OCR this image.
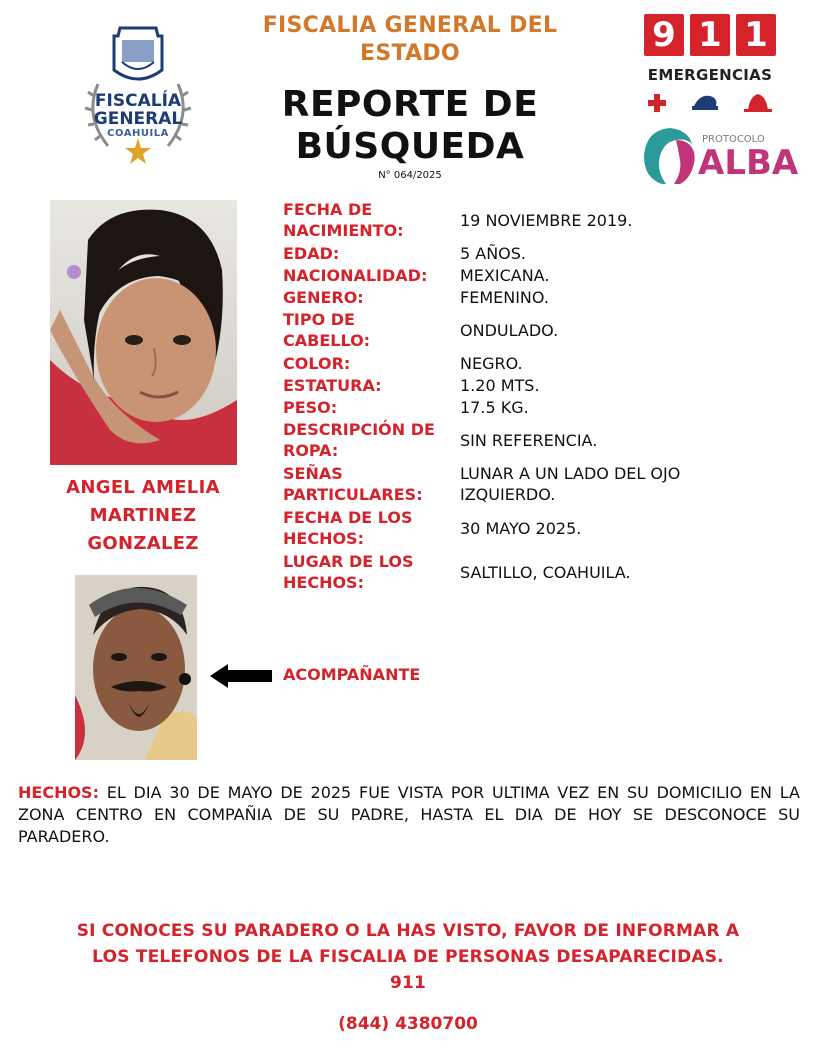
FISCALIA GENERAL DEL ESTADO
REPORTE DE
BÚSQUEDA
N° 064/2025
FISCALÍA
GENERAL
COAHUILA
9 1 1
EMERGENCIAS
PROTOCOLO
ALBA
ANGEL AMELIA
MARTINEZ
GONZALEZ
FECHA DE
NACIMIENTO:
19 NOVIEMBRE 2019.
EDAD:	5 AÑOS.
NACIONALIDAD: MEXICANA.
GENERO:	FEMENINO.
TIPO DE
CABELLO:
ONDULADO.
COLOR:	NEGRO.
ESTATURA:	1.20 MTS.
PESO:	17.5 KG.
DESCRIPCIÓN DE
ROPA:
SIN REFERENCIA.
SEÑAS
PARTICULARES:
LUNAR A UN LADO DEL OJO
IZQUIERDO.
FECHA DE LOS
HECHOS:
30 MAYO 2025.
LUGAR DE LOS
HECHOS:
SALTILLO, COAHUILA.
ACOMPAÑANTE
HECHOS: EL DIA 30 DE MAYO DE 2025 FUE VISTA POR ULTIMA VEZ EN SU DOMICILIO EN LA ZONA CENTRO EN COMPAÑIA DE SU PADRE, HASTA EL DIA DE HOY SE DESCONOCE SU PARADERO.
SI CONOCES SU PARADERO O LA HAS VISTO, FAVOR DE INFORMAR A
LOS TELEFONOS DE LA FISCALIA DE PERSONAS DESAPARECIDAS.
911
(844) 4380700
